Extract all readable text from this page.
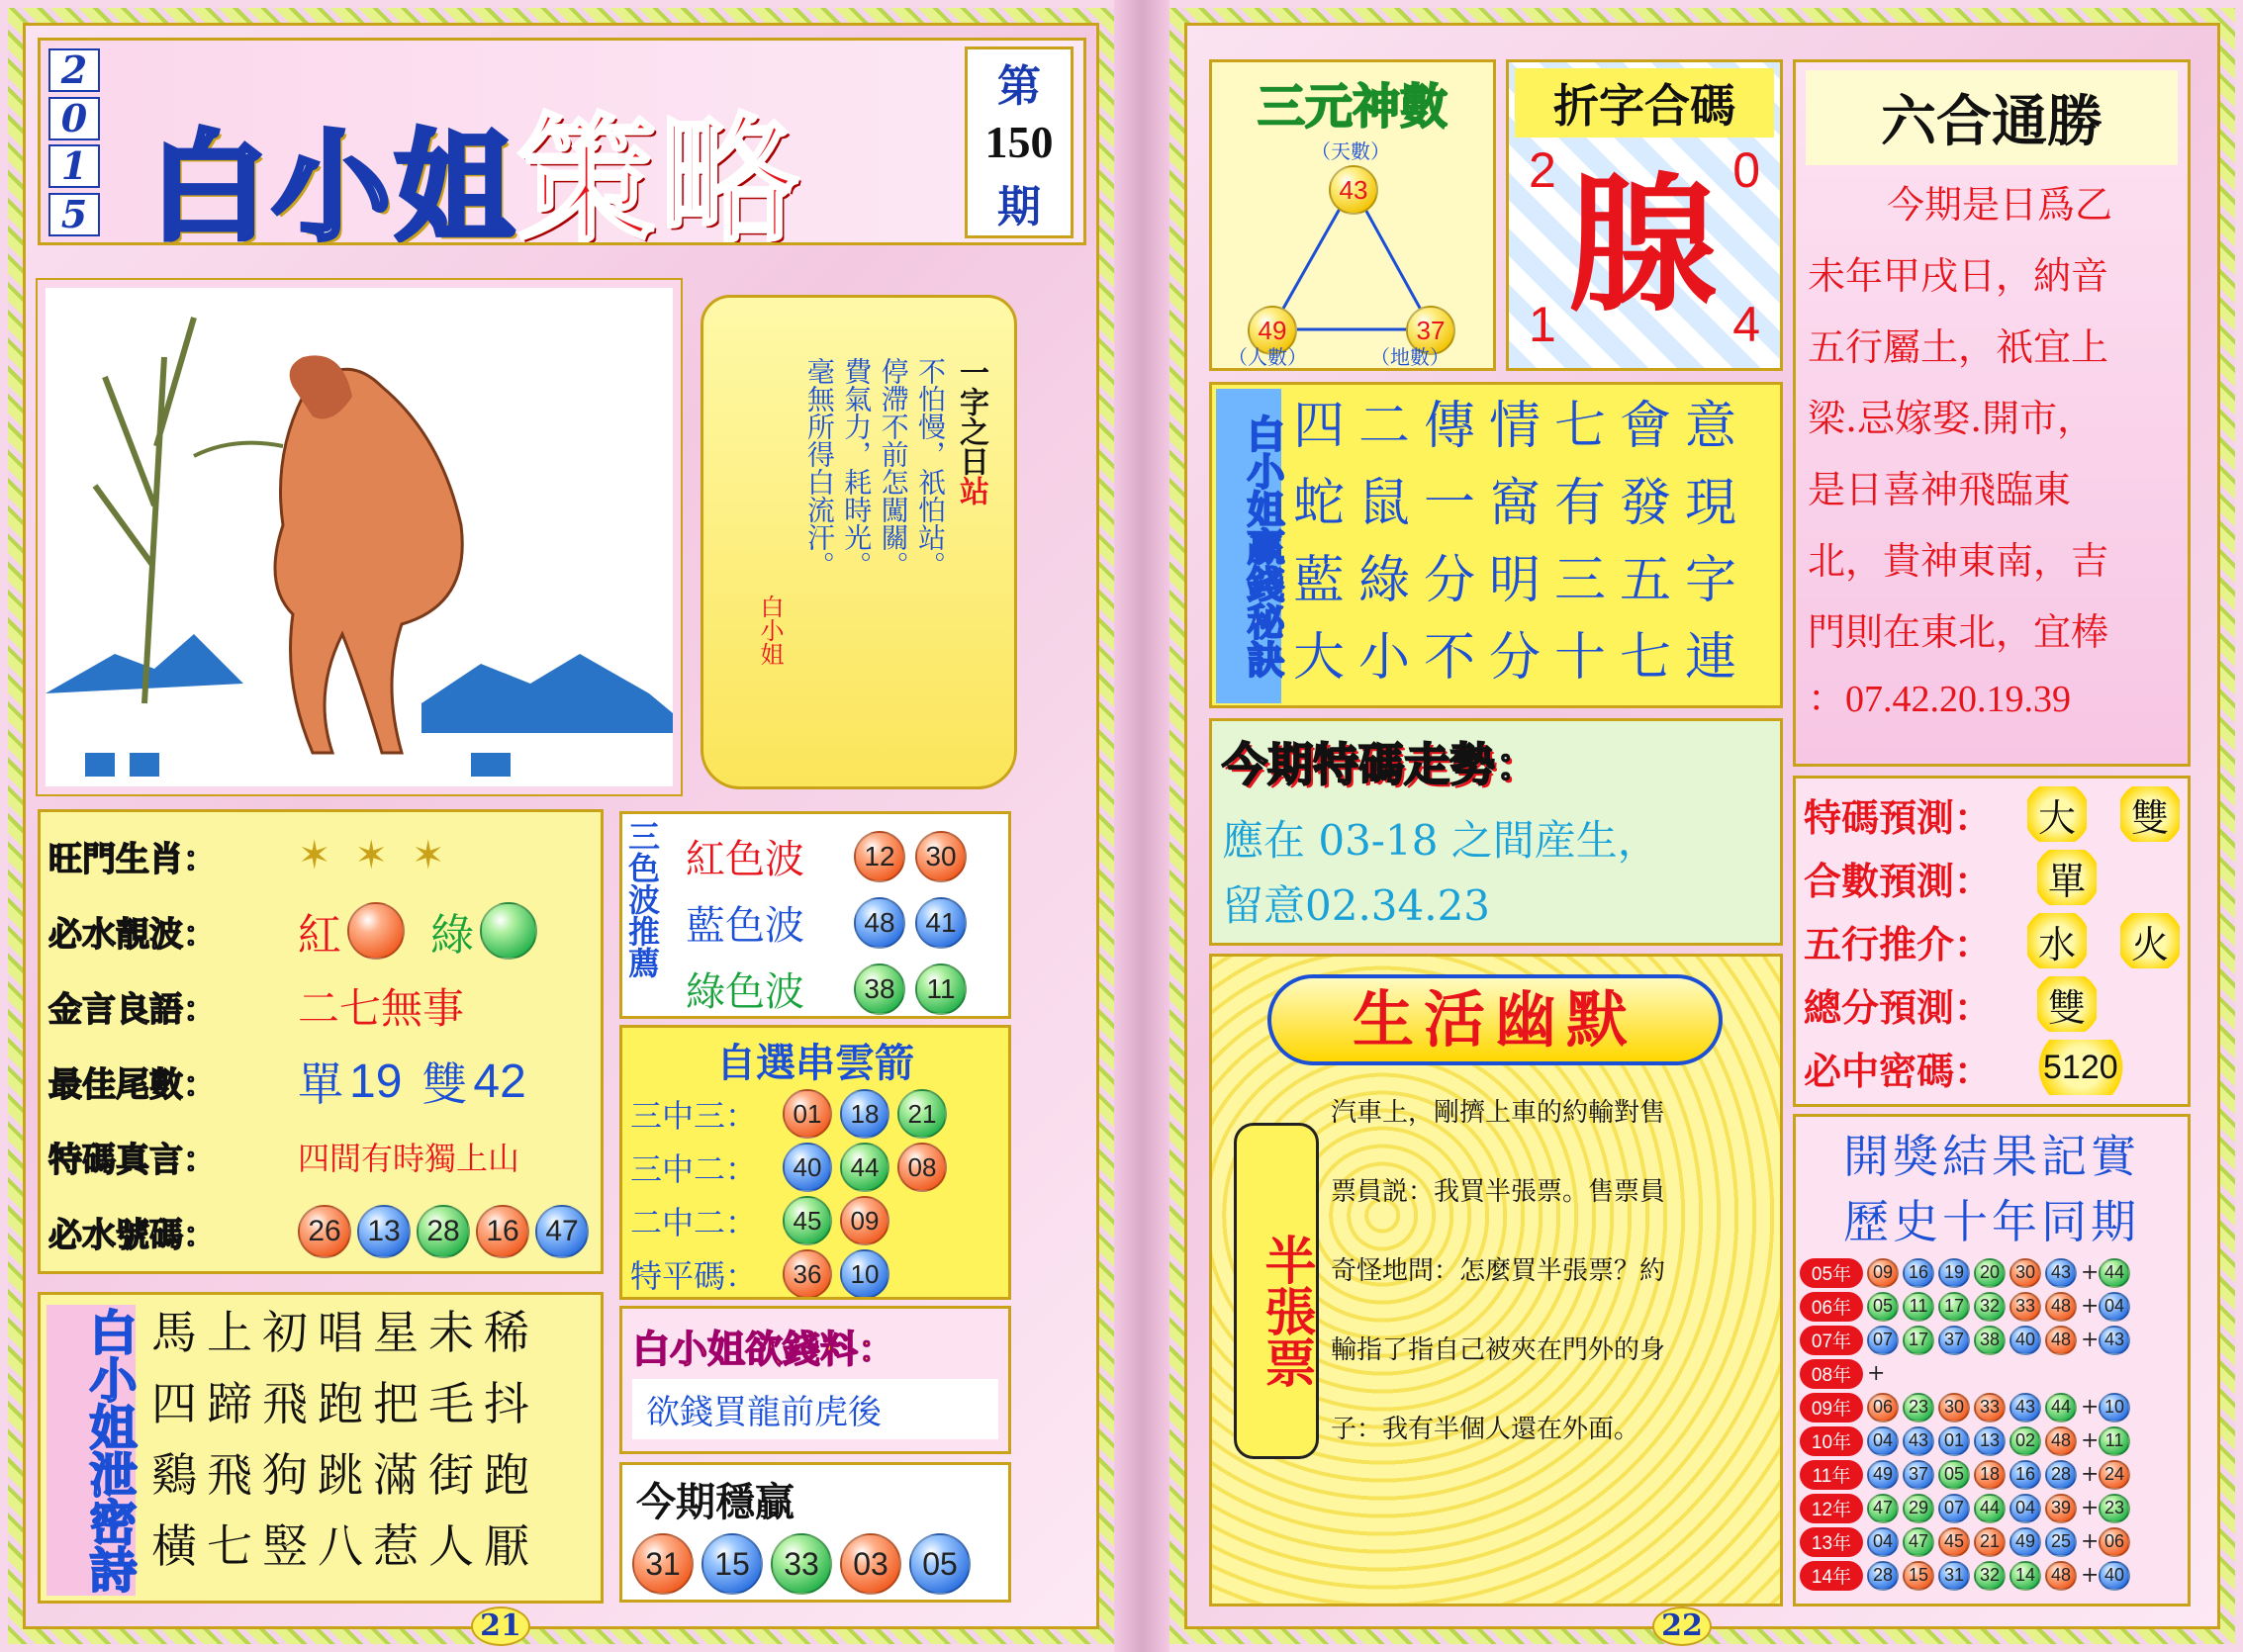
2
0
1
5 白小姐策略
第
150
期
一字之日站
不怕慢，祇怕站。
停滯不前怎闖關。
費氣力，耗時光。
毫無所得白流汗。
白小姐
旺門生肖：	✶✶✶
必水靚波：	紅 綠
金言良語：	二七無事
最佳尾數：	單 19 雙 42
特碼真言：	四間有時獨上山
必水號碼：	26 13 28 16 47
三色波推薦 紅色波	12	30
藍色波	48	41
綠色波	38	11
自選串雲箭
三中三：	01	18	21
三中二：	40	44	08
二中二：	45	09
特平碼：	36	10
白小姐泄密詩 馬上初唱星未稀
四蹄飛跑把毛抖
鷄飛狗跳滿街跑
橫七竪八惹人厭
白小姐欲錢料：
欲錢買龍前虎後
今期穩贏
31	15	33	03	05
21
三元神數
（天數）
43
49	37
（人數）	（地數）
折字合碼
2	0
腺
1	4
六合通勝
今期是日爲乙
未年甲戌日，納音
五行屬土，祇宜上
梁.忌嫁娶.開市，
是日喜神飛臨東
北，貴神東南，吉
門則在東北，宜棒
：07.42.20.19.39
白小姐贏錢秘訣 四二傳情七會意
蛇鼠一窩有發現
藍綠分明三五字
大小不分十七連
今期特碼走勢：
應在 03-18 之間産生，
留意02.34.23
特碼預測：	大 雙
合數預測：	單
五行推介：	水 火
總分預測：	雙
必中密碼：	5120
生活幽默
半張票
汽車上，剛擠上車的約輸對售
票員説：我買半張票。售票員
奇怪地問：怎麼買半張票？約
輸指了指自己被夾在門外的身
子：我有半個人還在外面。
開獎結果記實
歷史十年同期
05年	09 16 19 20 30 43 + 44
06年	05 11 17 32 33 48 + 04
07年	07 17 37 38 40 48 + 43
08年 +
09年	06 23 30 33 43 44 + 10
10年	04 43 01 13 02 48 + 11
11年	49 37 05 18 16 28 + 24
12年	47 29 07 44 04 39 + 23
13年	04 47 45 21 49 25 + 06
14年	28 15 31 32 14 48 + 40
22
